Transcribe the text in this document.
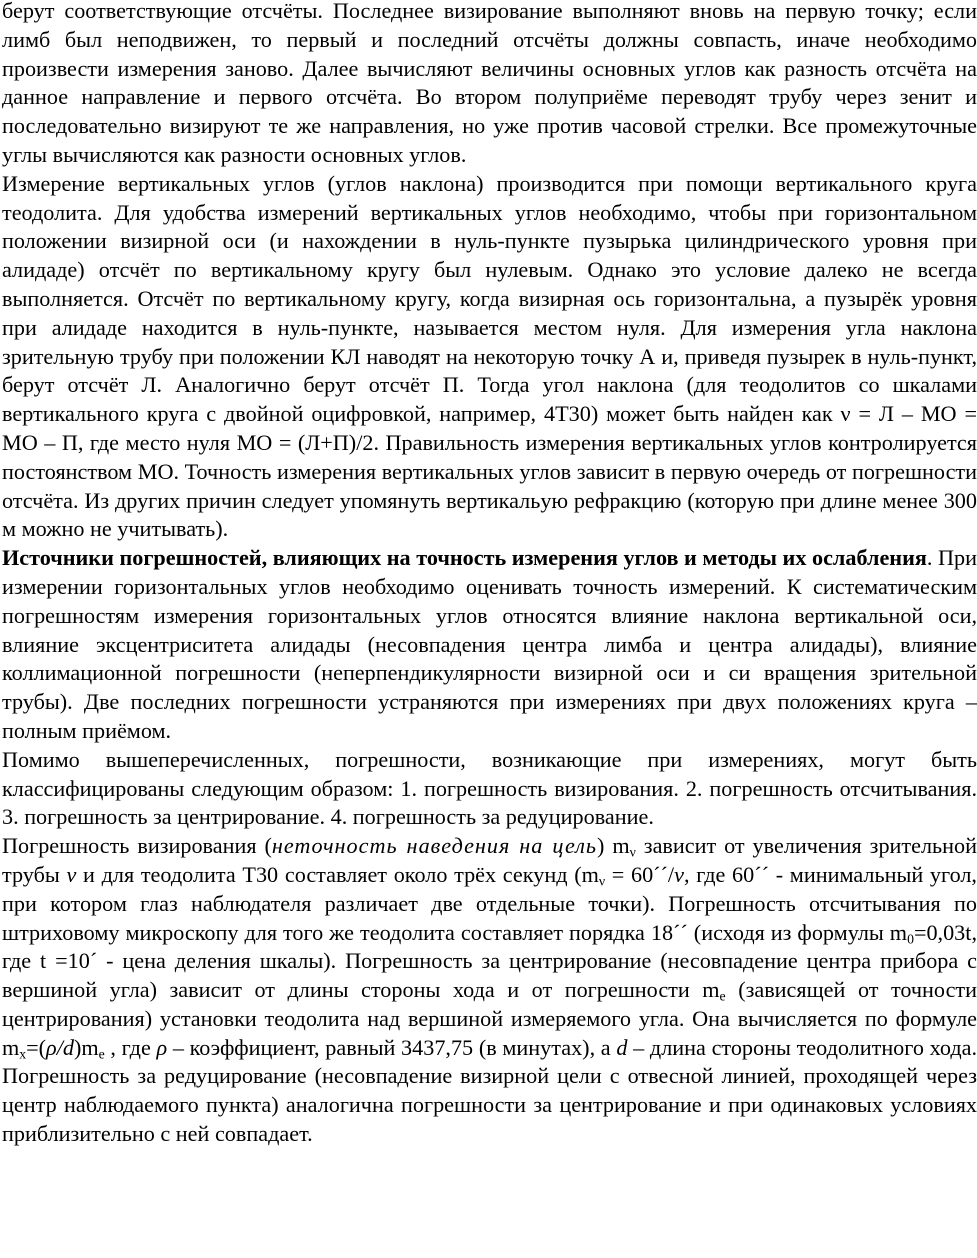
берут соответствующие отсчёты. Последнее визирование выполняют вновь на первую точку; если лимб был неподвижен, то первый и последний отсчёты должны совпасть, иначе необходимо произвести измерения заново. Далее вычисляют величины основных углов как разность отсчёта на данное направление и первого отсчёта. Во втором полуприёме переводят трубу через зенит и последовательно визируют те же направления, но уже против часовой стрелки. Все промежуточные углы вычисляются как разности основных углов.

Измерение вертикальных углов (углов наклона) производится при помощи вертикального круга теодолита. Для удобства измерений вертикальных углов необходимо, чтобы при горизонтальном положении визирной оси (и нахождении в нуль-пункте пузырька цилиндрического уровня при алидаде) отсчёт по вертикальному кругу был нулевым. Однако это условие далеко не всегда выполняется. Отсчёт по вертикальному кругу, когда визирная ось горизонтальна, а пузырёк уровня при алидаде находится в нуль-пункте, называется местом нуля. Для измерения угла наклона зрительную трубу при положении КЛ наводят на некоторую точку А и, приведя пузырек в нуль-пункт, берут отсчёт Л. Аналогично берут отсчёт П. Тогда угол наклона (для теодолитов со шкалами вертикального круга с двойной оцифровкой, например, 4Т30) может быть найден как ν = Л – МО = МО – П, где место нуля МО = (Л+П)/2. Правильность измерения вертикальных углов контролируется постоянством МО. Точность измерения вертикальных углов зависит в первую очередь от погрешности отсчёта. Из других причин следует упомянуть вертикальую рефракцию (которую при длине менее 300 м можно не учитывать).

Источники погрешностей, влияющих на точность измерения углов и методы их ослабления. При измерении горизонтальных углов необходимо оценивать точность измерений. К систематическим погрешностям измерения горизонтальных углов относятся влияние наклона вертикальной оси, влияние эксцентриситета алидады (несовпадения центра лимба и центра алидады), влияние коллимационной погрешности (неперпендикулярности визирной оси и си вращения зрительной трубы). Две последних погрешности устраняются при измерениях при двух положениях круга – полным приёмом.

Помимо вышеперечисленных, погрешности, возникающие при измерениях, могут быть классифицированы следующим образом: 1. погрешность визирования. 2. погрешность отсчитывания. 3. погрешность за центрирование. 4. погрешность за редуцирование.

Погрешность визирования (неточность наведения на цель) $m_\nu$ зависит от увеличения зрительной трубы ν и для теодолита Т30 составляет около трёх секунд ($m_\nu$ = 60´´/ν, где 60´´ - минимальный угол, при котором глаз наблюдателя различает две отдельные точки). Погрешность отсчитывания по штриховому микроскопу для того же теодолита составляет порядка 18´´ (исходя из формулы $m_0=0,03t$, где t =10´ - цена деления шкалы). Погрешность за центрирование (несовпадение центра прибора с вершиной угла) зависит от длины стороны хода и от погрешности $m_e$ (зависящей от точности центрирования) установки теодолита над вершиной измеряемого угла. Она вычисляется по формуле $m_x=(\rho/d)m_e$ , где ρ – коэффициент, равный 3437,75 (в минутах), а d – длина стороны теодолитного хода. Погрешность за редуцирование (несовпадение визирной цели с отвесной линией, проходящей через центр наблюдаемого пункта) аналогична погрешности за центрирование и при одинаковых условиях приблизительно с ней совпадает.
